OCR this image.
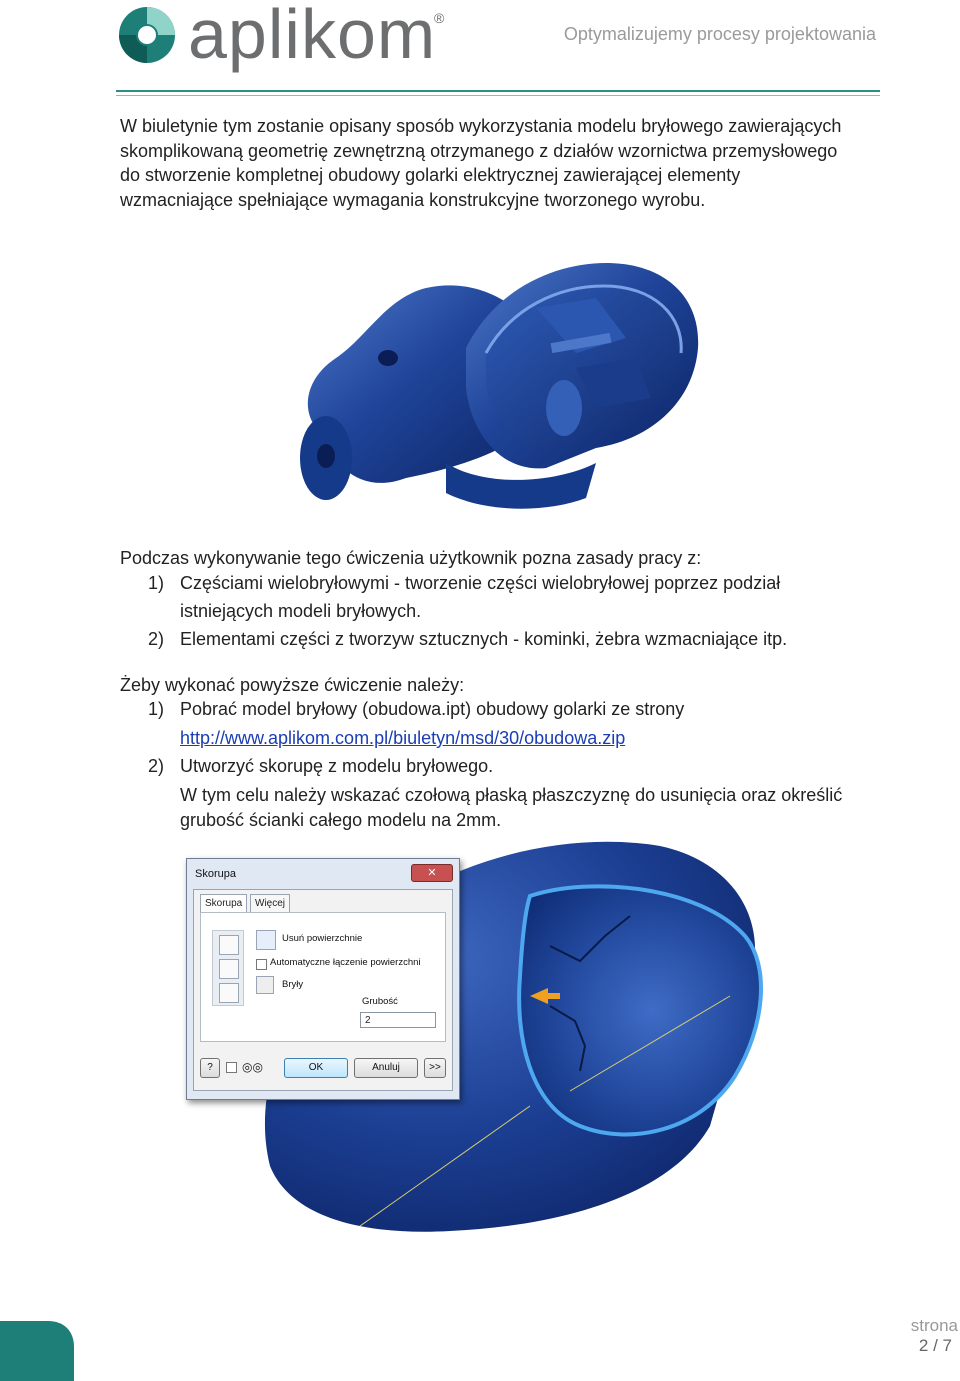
aplikom
®
Optymalizujemy procesy projektowania
W biuletynie tym zostanie opisany sposób wykorzystania modelu bryłowego zawierających
skomplikowaną geometrię zewnętrzną otrzymanego z działów wzornictwa przemysłowego
do stworzenie kompletnej obudowy golarki elektrycznej zawierającej elementy
wzmacniające spełniające wymagania konstrukcyjne tworzonego wyrobu.
Podczas wykonywanie tego ćwiczenia użytkownik pozna zasady pracy z:
1) Częściami wielobryłowymi - tworzenie części wielobryłowej poprzez podział
istniejących modeli bryłowych.
2) Elementami części z tworzyw sztucznych - kominki, żebra wzmacniające itp.
Żeby wykonać powyższe ćwiczenie należy:
1) Pobrać model bryłowy (obudowa.ipt) obudowy golarki ze strony
http://www.aplikom.com.pl/biuletyn/msd/30/obudowa.zip
2) Utworzyć skorupę z modelu bryłowego.
W tym celu należy wskazać czołową płaską płaszczyznę do usunięcia oraz określić
grubość ścianki całego modelu na 2mm.
Skorupa	✕
Skorupa	Więcej
Usuń powierzchnie
Automatyczne łączenie powierzchni
Bryły
Grubość
2
?	◎◎	OK	Anuluj	>>
strona
2 / 7
